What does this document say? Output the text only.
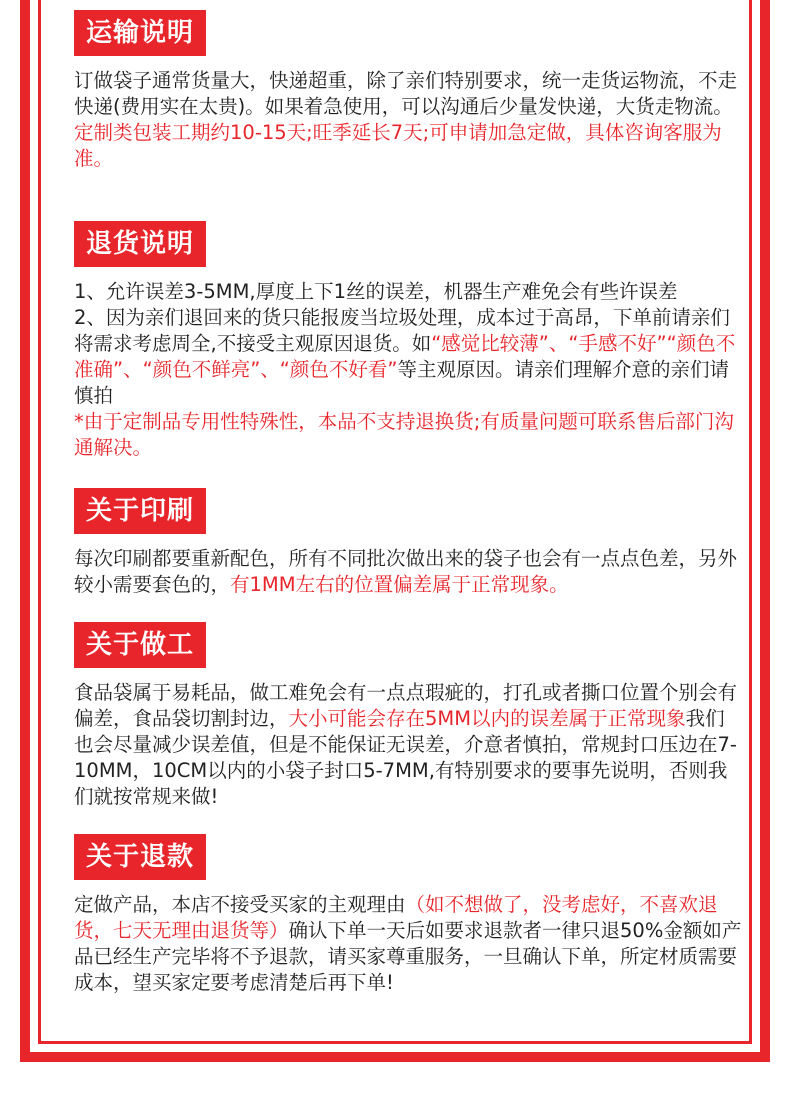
运输说明

订做袋子通常货量大，快递超重，除了亲们特别要求，统一走货运物流，不走快递(费用实在太贵)。如果着急使用，可以沟通后少量发快递，大货走物流。

定制类包装工期约10-15天;旺季延长7天;可申请加急定做，具体咨询客服为准。

退货说明

1、允许误差3-5MM,厚度上下1丝的误差，机器生产难免会有些许误差

2、因为亲们退回来的货只能报废当垃圾处理，成本过于高昂，下单前请亲们将需求考虑周全,不接受主观原因退货。如“感觉比较薄”、“手感不好”“颜色不准确”、“颜色不鲜亮”、“颜色不好看”等主观原因。请亲们理解介意的亲们请慎拍

*由于定制品专用性特殊性，本品不支持退换货;有质量问题可联系售后部门沟通解决。

关于印刷

每次印刷都要重新配色，所有不同批次做出来的袋子也会有一点点色差，另外较小需要套色的，有1MM左右的位置偏差属于正常现象。

关于做工

食品袋属于易耗品，做工难免会有一点点瑕疵的，打孔或者撕口位置个别会有偏差，食品袋切割封边，大小可能会存在5MM以内的误差属于正常现象我们也会尽量减少误差值，但是不能保证无误差，介意者慎拍，常规封口压边在7- 10MM，10CM以内的小袋子封口5-7MM,有特别要求的要事先说明，否则我们就按常规来做!

关于退款

定做产品，本店不接受买家的主观理由（如不想做了，没考虑好，不喜欢退货，七天无理由退货等）确认下单一天后如要求退款者一律只退50%金额如产品已经生产完毕将不予退款，请买家尊重服务，一旦确认下单，所定材质需要成本，望买家定要考虑清楚后再下单!
